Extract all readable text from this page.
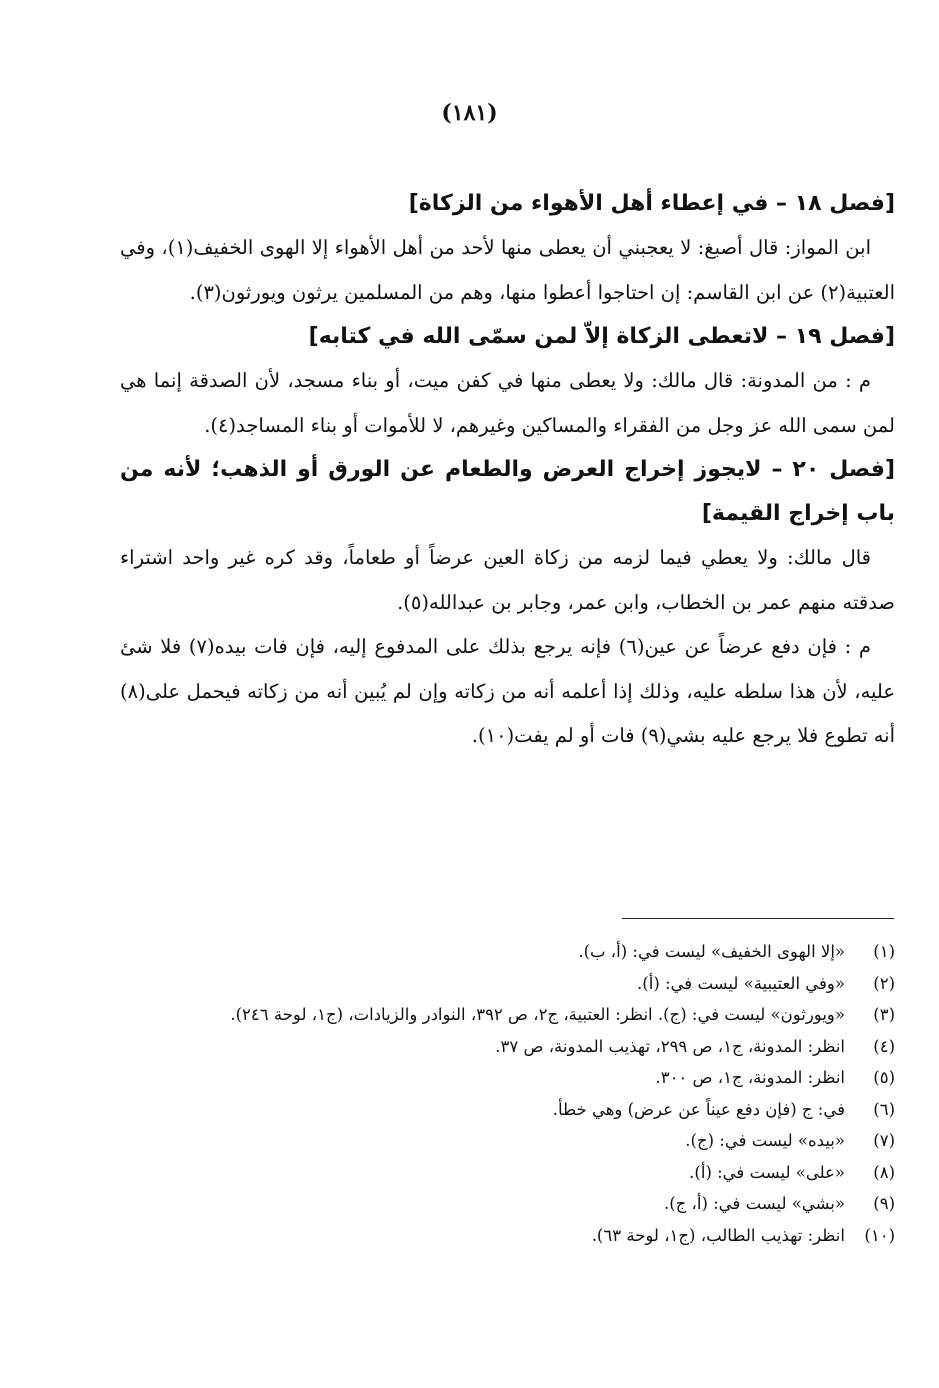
(١٨١)
[فصل ١٨ – في إعطاء أهل الأهواء من الزكاة]

ابن المواز: قال أصبغ: لا يعجبني أن يعطى منها لأحد من أهل الأهواء إلا الهوى الخفيف(١)، وفي العتبية(٢) عن ابن القاسم: إن احتاجوا أعطوا منها، وهم من المسلمين يرثون ويورثون(٣).

[فصل ١٩ – لاتعطى الزكاة إلاّ لمن سمّى الله في كتابه]

م : من المدونة: قال مالك: ولا يعطى منها في كفن ميت، أو بناء مسجد، لأن الصدقة إنما هي لمن سمى الله عز وجل من الفقراء والمساكين وغيرهم، لا للأموات أو بناء المساجد(٤).

[فصل ٢٠ – لايجوز إخراج العرض والطعام عن الورق أو الذهب؛ لأنه من باب إخراج القيمة]

قال مالك: ولا يعطي فيما لزمه من زكاة العين عرضاً أو طعاماً، وقد كره غير واحد اشتراء صدقته منهم عمر بن الخطاب، وابن عمر، وجابر بن عبدالله(٥).

م : فإن دفع عرضاً عن عين(٦) فإنه يرجع بذلك على المدفوع إليه، فإن فات بيده(٧) فلا شئ عليه، لأن هذا سلطه عليه، وذلك إذا أعلمه أنه من زكاته وإن لم يُبين أنه من زكاته فيحمل على(٨) أنه تطوع فلا يرجع عليه بشي(٩) فات أو لم يفت(١٠).

(١)
«إلا الهوى الخفيف» ليست في: (أ، ب).
(٢)
«وفي العتيبية» ليست في: (أ).
(٣)
«ويورثون» ليست في: (ج). انظر: العتبية، ج٢، ص ٣٩٢، النوادر والزيادات، (ج١، لوحة ٢٤٦).
(٤)
انظر: المدونة، ج١، ص ٢٩٩، تهذيب المدونة، ص ٣٧.
(٥)
انظر: المدونة، ج١، ص ٣٠٠.
(٦)
في: ج (فإن دفع عيناً عن عرض) وهي خطأ.
(٧)
«بيده» ليست في: (ج).
(٨)
«على» ليست في: (أ).
(٩)
«بشي» ليست في: (أ، ج).
(١٠)
انظر: تهذيب الطالب، (ج١، لوحة ٦٣).
